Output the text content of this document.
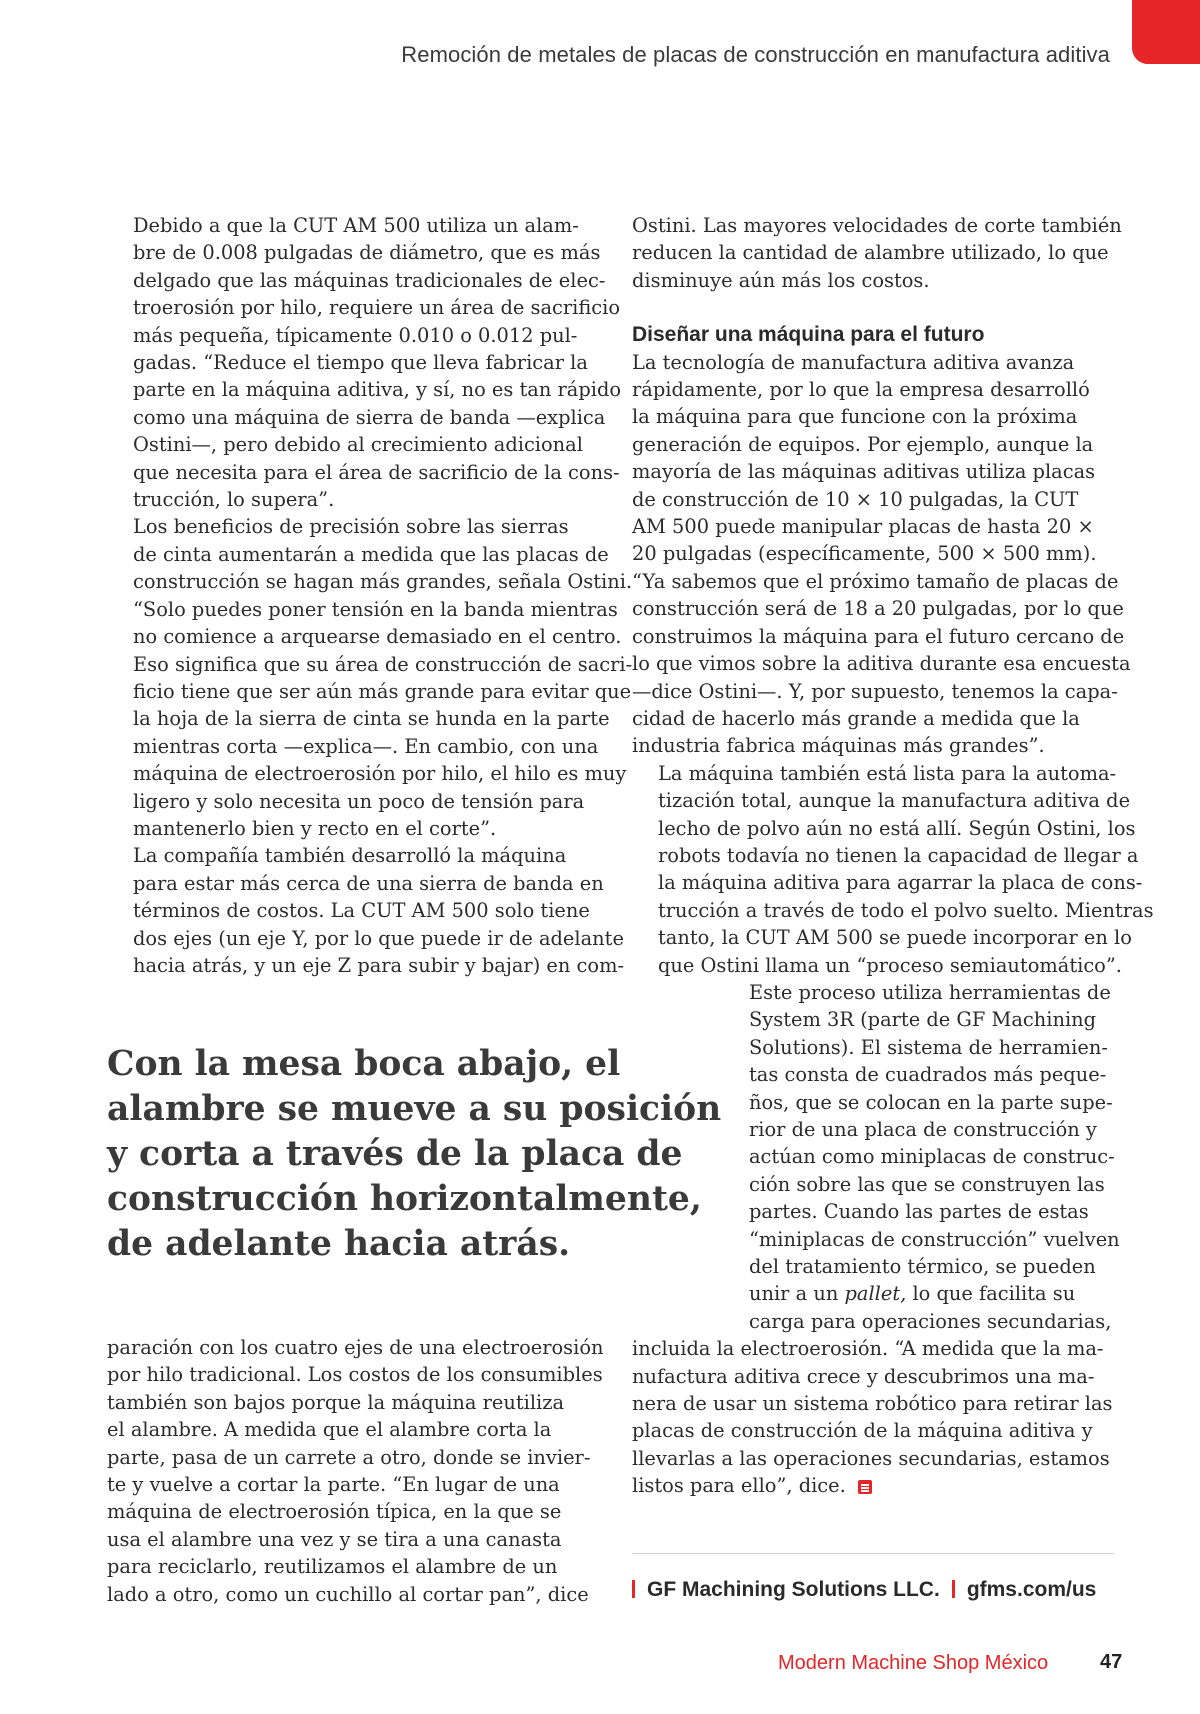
Remoción de metales de placas de construcción en manufactura aditiva

Debido a que la CUT AM 500 utiliza un alam-
bre de 0.008 pulgadas de diámetro, que es más
delgado que las máquinas tradicionales de elec-
troerosión por hilo, requiere un área de sacrificio
más pequeña, típicamente 0.010 o 0.012 pul-
gadas. “Reduce el tiempo que lleva fabricar la
parte en la máquina aditiva, y sí, no es tan rápido
como una máquina de sierra de banda —explica
Ostini—, pero debido al crecimiento adicional
que necesita para el área de sacrificio de la cons-
trucción, lo supera”.

Los beneficios de precisión sobre las sierras
de cinta aumentarán a medida que las placas de
construcción se hagan más grandes, señala Ostini.
“Solo puedes poner tensión en la banda mientras
no comience a arquearse demasiado en el centro.
Eso significa que su área de construcción de sacri-
ficio tiene que ser aún más grande para evitar que
la hoja de la sierra de cinta se hunda en la parte
mientras corta —explica—. En cambio, con una
máquina de electroerosión por hilo, el hilo es muy
ligero y solo necesita un poco de tensión para
mantenerlo bien y recto en el corte”.

La compañía también desarrolló la máquina
para estar más cerca de una sierra de banda en
términos de costos. La CUT AM 500 solo tiene
dos ejes (un eje Y, por lo que puede ir de adelante
hacia atrás, y un eje Z para subir y bajar) en com-

Con la mesa boca abajo, el
alambre se mueve a su posición
y corta a través de la placa de
construcción horizontalmente,
de adelante hacia atrás.

paración con los cuatro ejes de una electroerosión
por hilo tradicional. Los costos de los consumibles
también son bajos porque la máquina reutiliza
el alambre. A medida que el alambre corta la
parte, pasa de un carrete a otro, donde se invier-
te y vuelve a cortar la parte. “En lugar de una
máquina de electroerosión típica, en la que se
usa el alambre una vez y se tira a una canasta
para reciclarlo, reutilizamos el alambre de un
lado a otro, como un cuchillo al cortar pan”, dice

Ostini. Las mayores velocidades de corte también
reducen la cantidad de alambre utilizado, lo que
disminuye aún más los costos.

Diseñar una máquina para el futuro

La tecnología de manufactura aditiva avanza
rápidamente, por lo que la empresa desarrolló
la máquina para que funcione con la próxima
generación de equipos. Por ejemplo, aunque la
mayoría de las máquinas aditivas utiliza placas
de construcción de 10 × 10 pulgadas, la CUT
AM 500 puede manipular placas de hasta 20 ×
20 pulgadas (específicamente, 500 × 500 mm).
“Ya sabemos que el próximo tamaño de placas de
construcción será de 18 a 20 pulgadas, por lo que
construimos la máquina para el futuro cercano de
lo que vimos sobre la aditiva durante esa encuesta
—dice Ostini—. Y, por supuesto, tenemos la capa-
cidad de hacerlo más grande a medida que la
industria fabrica máquinas más grandes”.

La máquina también está lista para la automa-
tización total, aunque la manufactura aditiva de
lecho de polvo aún no está allí. Según Ostini, los
robots todavía no tienen la capacidad de llegar a
la máquina aditiva para agarrar la placa de cons-
trucción a través de todo el polvo suelto. Mientras
tanto, la CUT AM 500 se puede incorporar en lo
que Ostini llama un “proceso semiautomático”.

Este proceso utiliza herramientas de
System 3R (parte de GF Machining
Solutions). El sistema de herramien-
tas consta de cuadrados más peque-
ños, que se colocan en la parte supe-
rior de una placa de construcción y
actúan como miniplacas de construc-
ción sobre las que se construyen las
partes. Cuando las partes de estas
“miniplacas de construcción” vuelven
del tratamiento térmico, se pueden
unir a un pallet, lo que facilita su
carga para operaciones secundarias,

incluida la electroerosión. “A medida que la ma-
nufactura aditiva crece y descubrimos una ma-
nera de usar un sistema robótico para retirar las
placas de construcción de la máquina aditiva y
llevarlas a las operaciones secundarias, estamos
listos para ello”, dice.

GF Machining Solutions LLC. gfms.com/us
Modern Machine Shop México	47
